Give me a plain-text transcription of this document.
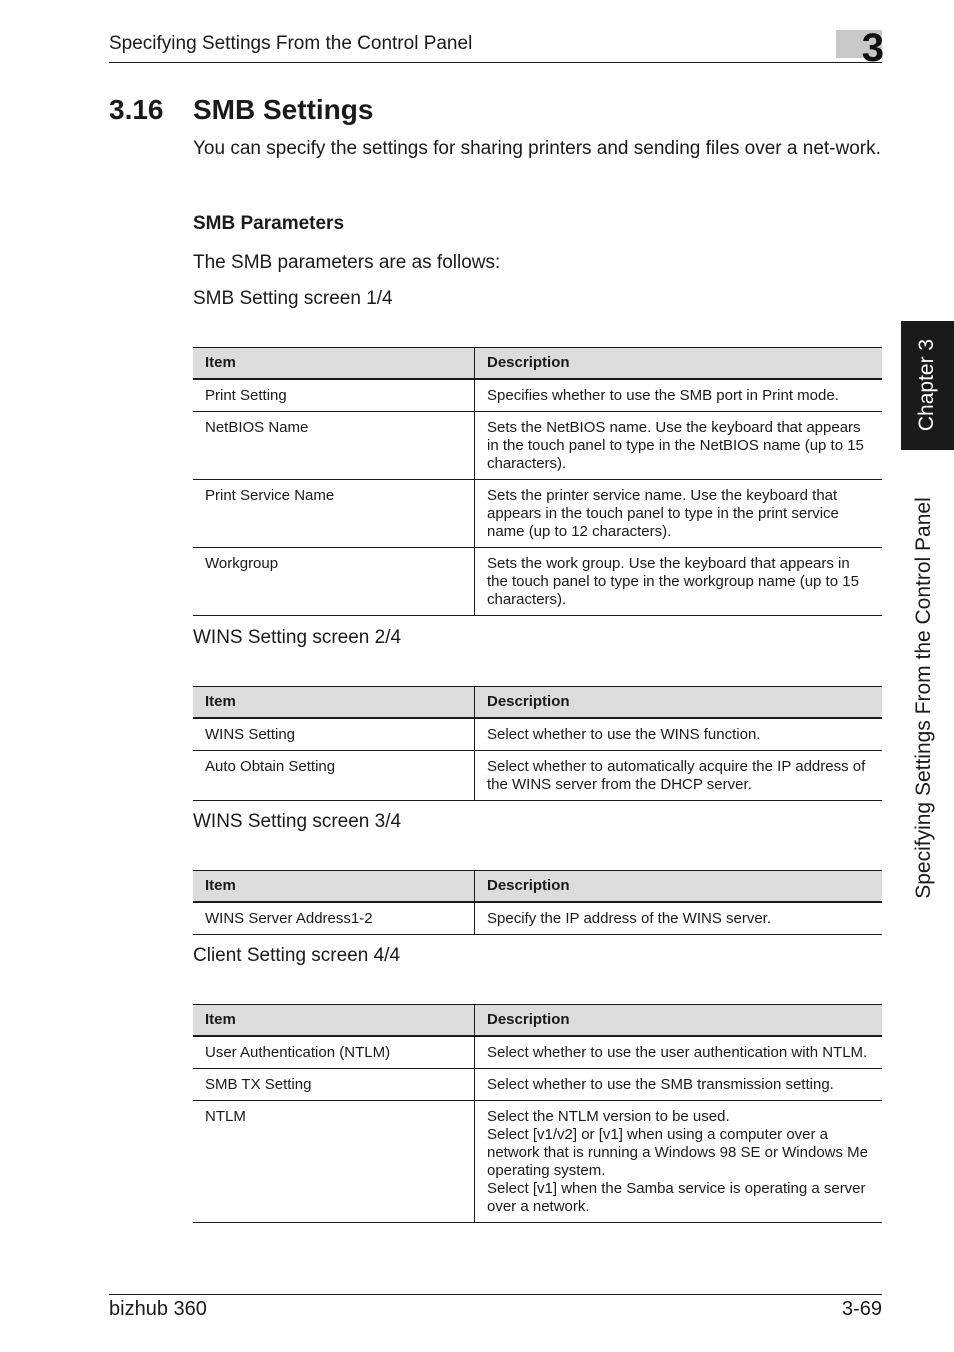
Specifying Settings From the Control Panel	3
3.16 SMB Settings
You can specify the settings for sharing printers and sending files over a net-work.
SMB Parameters
The SMB parameters are as follows:
SMB Setting screen 1/4
Item	Description
Print Setting	Specifies whether to use the SMB port in Print mode.
NetBIOS Name	Sets the NetBIOS name. Use the keyboard that appears in the touch panel to type in the NetBIOS name (up to 15 characters).
Print Service Name	Sets the printer service name. Use the keyboard that appears in the touch panel to type in the print service name (up to 12 characters).
Workgroup	Sets the work group. Use the keyboard that appears in the touch panel to type in the workgroup name (up to 15 characters).
WINS Setting screen 2/4
Item	Description
WINS Setting	Select whether to use the WINS function.
Auto Obtain Setting	Select whether to automatically acquire the IP address of the WINS server from the DHCP server.
WINS Setting screen 3/4
Item	Description
WINS Server Address1-2	Specify the IP address of the WINS server.
Client Setting screen 4/4
Item	Description
User Authentication (NTLM)	Select whether to use the user authentication with NTLM.
SMB TX Setting	Select whether to use the SMB transmission setting.
NTLM	Select the NTLM version to be used.
Select [v1/v2] or [v1] when using a computer over a network that is running a Windows 98 SE or Windows Me operating system.
Select [v1] when the Samba service is operating a server over a network.
Chapter 3
Specifying Settings From the Control Panel
bizhub 360	3-69
